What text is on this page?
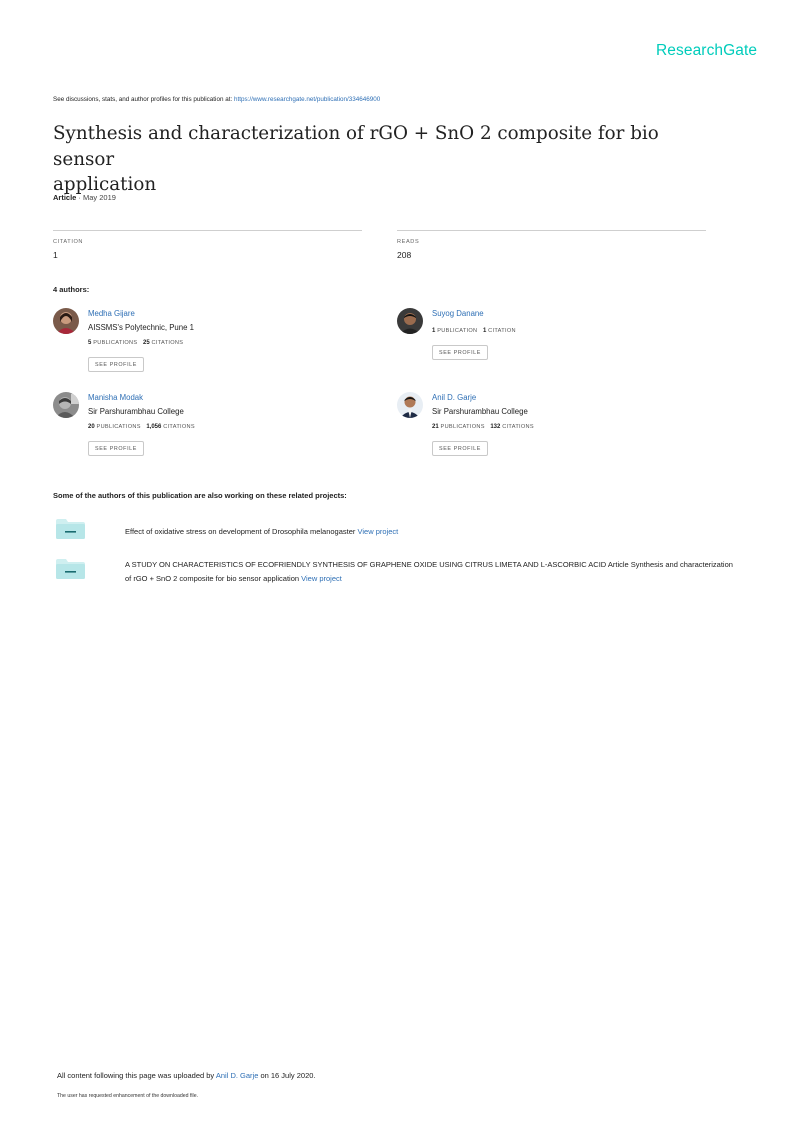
ResearchGate
See discussions, stats, and author profiles for this publication at: https://www.researchgate.net/publication/334646900
Synthesis and characterization of rGO + SnO 2 composite for bio sensor
application
Article · May 2019
CITATION
1
READS
208
4 authors:
Medha Gijare
AISSMS's Polytechnic, Pune 1
5 PUBLICATIONS 25 CITATIONS
SEE PROFILE
Suyog Danane
1 PUBLICATION 1 CITATION
SEE PROFILE
Manisha Modak
Sir Parshurambhau College
20 PUBLICATIONS 1,056 CITATIONS
SEE PROFILE
Anil D. Garje
Sir Parshurambhau College
21 PUBLICATIONS 132 CITATIONS
SEE PROFILE
Some of the authors of this publication are also working on these related projects:
Effect of oxidative stress on development of Drosophila melanogaster View project
A STUDY ON CHARACTERISTICS OF ECOFRIENDLY SYNTHESIS OF GRAPHENE OXIDE USING CITRUS LIMETA AND L-ASCORBIC ACID Article Synthesis and characterization
of rGO + SnO 2 composite for bio sensor application View project
All content following this page was uploaded by Anil D. Garje on 16 July 2020.
The user has requested enhancement of the downloaded file.
